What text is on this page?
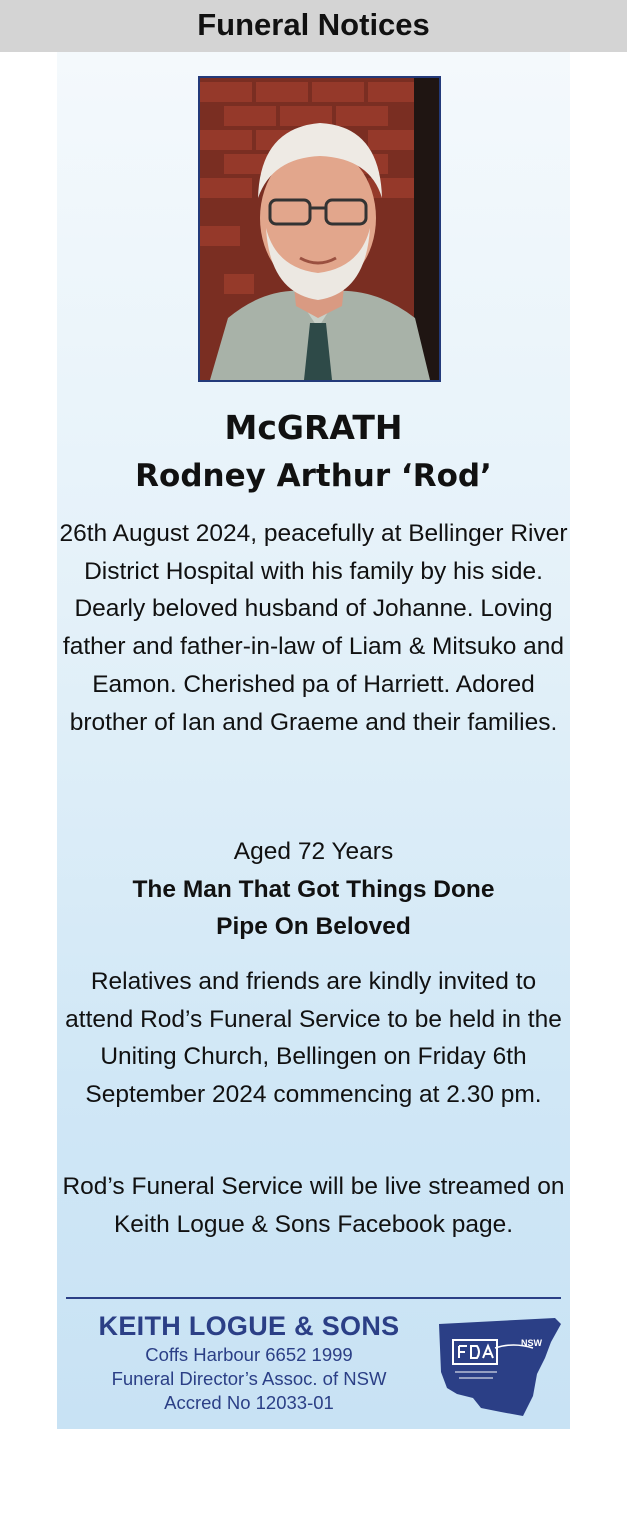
Funeral Notices
McGRATH
Rodney Arthur ‘Rod’
26th August 2024, peacefully at Bellinger River District Hospital with his family by his side. Dearly beloved husband of Johanne. Loving father and father-in-law of Liam & Mitsuko and Eamon. Cherished pa of Harriett. Adored brother of Ian and Graeme and their families.
Aged 72 Years
The Man That Got Things Done
Pipe On Beloved
Relatives and friends are kindly invited to attend Rod’s Funeral Service to be held in the Uniting Church, Bellingen on Friday 6th September 2024 commencing at 2.30 pm.
Rod’s Funeral Service will be live streamed on Keith Logue & Sons Facebook page.
KEITH LOGUE & SONS
Coffs Harbour 6652 1999
Funeral Director’s Assoc. of NSW
Accred No 12033-01
NSW
